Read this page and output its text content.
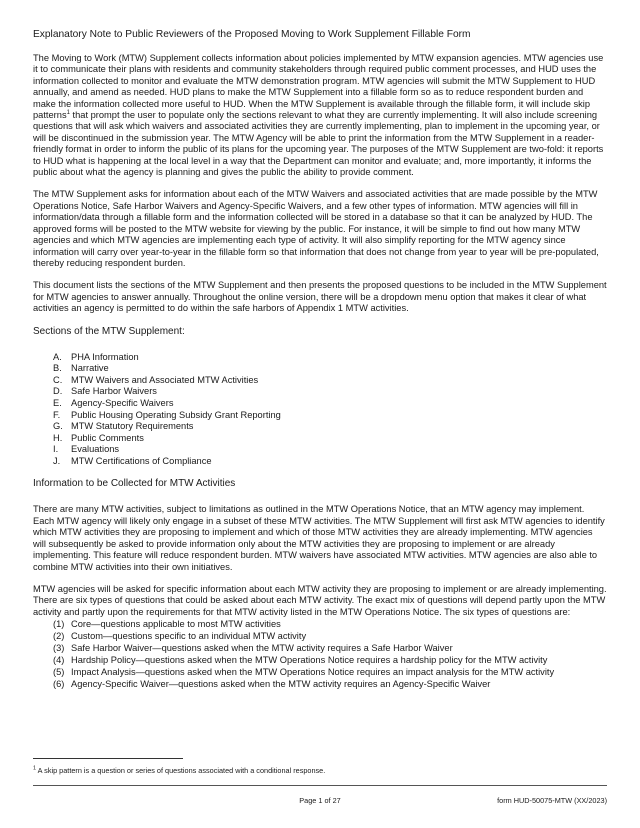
Explanatory Note to Public Reviewers of the Proposed Moving to Work Supplement Fillable Form

The Moving to Work (MTW) Supplement collects information about policies implemented by MTW expansion agencies. MTW agencies use it to communicate their plans with residents and community stakeholders through required public comment processes, and HUD uses the information collected to monitor and evaluate the MTW demonstration program. MTW agencies will submit the MTW Supplement to HUD annually, and amend as needed. HUD plans to make the MTW Supplement into a fillable form so as to reduce respondent burden and make the information collected more useful to HUD. When the MTW Supplement is available through the fillable form, it will include skip patterns$^1$ that prompt the user to populate only the sections relevant to what they are currently implementing. It will also include screening questions that will ask which waivers and associated activities they are currently implementing, plan to implement in the upcoming year, or will be discontinued in the submission year. The MTW Agency will be able to print the information from the MTW Supplement in a reader-friendly format in order to inform the public of its plans for the upcoming year. The purposes of the MTW Supplement are two-fold: it reports to HUD what is happening at the local level in a way that the Department can monitor and evaluate; and, more importantly, it informs the public about what the agency is planning and gives the public the ability to provide comment.

The MTW Supplement asks for information about each of the MTW Waivers and associated activities that are made possible by the MTW Operations Notice, Safe Harbor Waivers and Agency-Specific Waivers, and a few other types of information. MTW agencies will fill in information/data through a fillable form and the information collected will be stored in a database so that it can be analyzed by HUD. The approved forms will be posted to the MTW website for viewing by the public. For instance, it will be simple to find out how many MTW agencies and which MTW agencies are implementing each type of activity. It will also simplify reporting for the MTW agency since information will carry over year-to-year in the fillable form so that information that does not change from year to year will be pre-populated, thereby reducing respondent burden.

This document lists the sections of the MTW Supplement and then presents the proposed questions to be included in the MTW Supplement for MTW agencies to answer annually. Throughout the online version, there will be a dropdown menu option that makes it clear of what activities an agency is permitted to do within the safe harbors of Appendix 1 MTW activities.

Sections of the MTW Supplement:
A. PHA Information
B. Narrative
C. MTW Waivers and Associated MTW Activities
D. Safe Harbor Waivers
E. Agency-Specific Waivers
F.	Public Housing Operating Subsidy Grant Reporting
G. MTW Statutory Requirements
H. Public Comments
I.	Evaluations
J.	MTW Certifications of Compliance
Information to be Collected for MTW Activities

There are many MTW activities, subject to limitations as outlined in the MTW Operations Notice, that an MTW agency may implement. Each MTW agency will likely only engage in a subset of these MTW activities. The MTW Supplement will first ask MTW agencies to identify which MTW activities they are proposing to implement and which of those MTW activities they are already implementing. MTW agencies will subsequently be asked to provide information only about the MTW activities they are proposing to implement or are already implementing. This feature will reduce respondent burden. MTW waivers have associated MTW activities. MTW agencies are also able to combine MTW activities into their own initiatives.

MTW agencies will be asked for specific information about each MTW activity they are proposing to implement or are already implementing. There are six types of questions that could be asked about each MTW activity. The exact mix of questions will depend partly upon the MTW activity and partly upon the requirements for that MTW activity listed in the MTW Operations Notice. The six types of questions are:

(1) Core—questions applicable to most MTW activities
(2) Custom—questions specific to an individual MTW activity
(3) Safe Harbor Waiver—questions asked when the MTW activity requires a Safe Harbor Waiver
(4) Hardship Policy—questions asked when the MTW Operations Notice requires a hardship policy for the MTW activity
(5) Impact Analysis—questions asked when the MTW Operations Notice requires an impact analysis for the MTW activity
(6) Agency-Specific Waiver—questions asked when the MTW activity requires an Agency-Specific Waiver
$^1$ A skip pattern is a question or series of questions associated with a conditional response.
Page 1 of 27	form HUD-50075-MTW (XX/2023)
